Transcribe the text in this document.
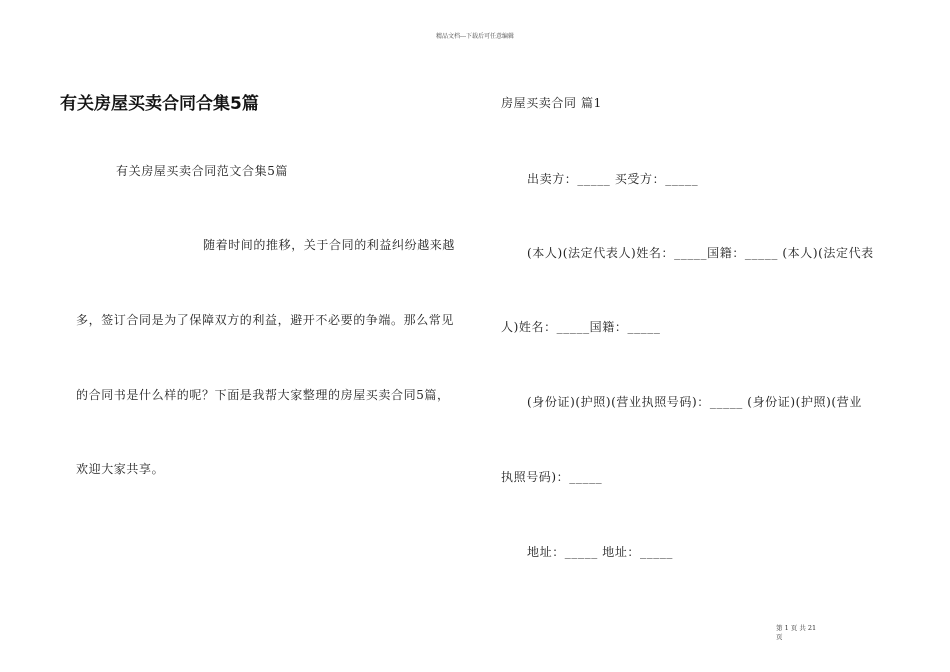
精品文档---下载后可任意编辑
有关房屋买卖合同合集5篇
有关房屋买卖合同范文合集5篇
随着时间的推移，关于合同的利益纠纷越来越
多，签订合同是为了保障双方的利益，避开不必要的争端。那么常见
的合同书是什么样的呢？下面是我帮大家整理的房屋买卖合同5篇，
欢迎大家共享。
房屋买卖合同 篇1
出卖方：_____ 买受方：_____
(本人)(法定代表人)姓名：_____国籍：_____ (本人)(法定代表
人)姓名：_____国籍：_____
(身份证)(护照)(营业执照号码)：_____ (身份证)(护照)(营业
执照号码)：_____
地址：_____ 地址：_____
第 1 页 共 21
页
